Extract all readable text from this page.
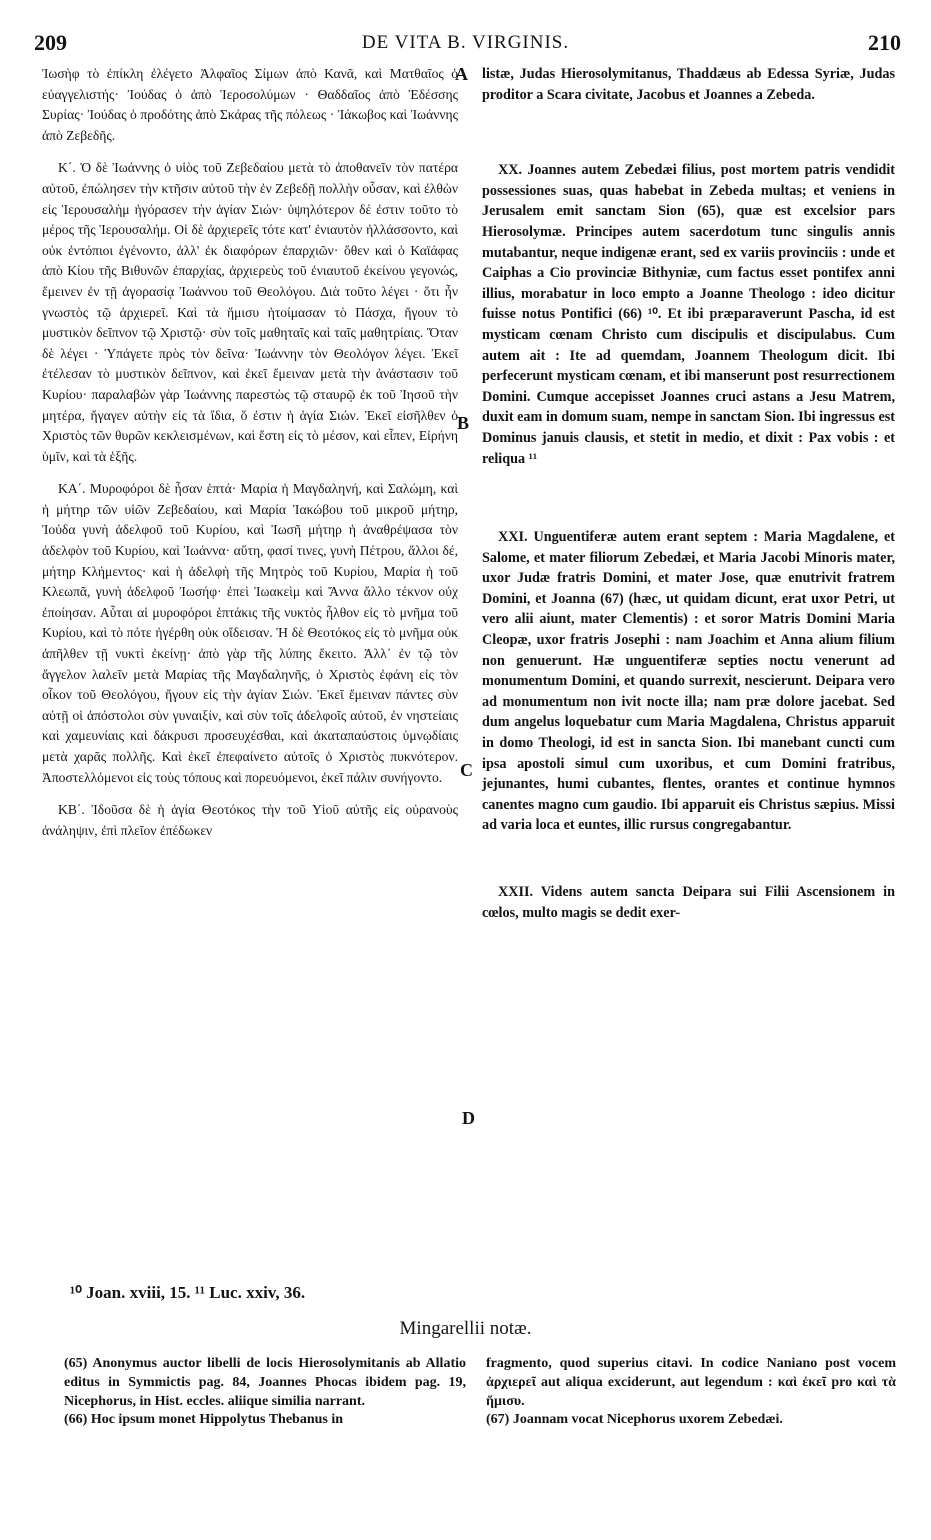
209	DE VITA B. VIRGINIS.	210

Ἰωσὴφ τὸ ἐπίκλη ἐλέγετο Ἀλφαῖος Σίμων ἀπὸ Κανᾶ, καὶ Ματθαῖος ὁ εὐαγγελιστής· Ἰούδας ὁ ἀπὸ Ἱεροσολύμων · Θαδδαῖος ἀπὸ Ἐδέσσης Συρίας· Ἰούδας ὁ προδότης ἀπὸ Σκάρας τῆς πόλεως · Ἰάκωβος καὶ Ἰωάννης ἀπὸ Ζεβεδῆς.

Κ΄. Ὁ δὲ Ἰωάννης ὁ υἱὸς τοῦ Ζεβεδαίου μετὰ τὸ ἀποθανεῖν τὸν πατέρα αὐτοῦ, ἐπώλησεν τὴν κτῆσιν αὐτοῦ τὴν ἐν Ζεβεδῇ πολλὴν οὖσαν, καὶ ἐλθὼν εἰς Ἱερουσαλὴμ ἠγόρασεν τὴν ἁγίαν Σιών· ὑψηλότερον δέ ἐστιν τοῦτο τὸ μέρος τῆς Ἱερουσαλήμ. Οἱ δὲ ἀρχιερεῖς τότε κατ' ἐνιαυτὸν ἠλλάσσοντο, καὶ οὐκ ἐντόπιοι ἐγένοντο, ἀλλ' ἐκ διαφόρων ἐπαρχιῶν· ὅθεν καὶ ὁ Καϊάφας ἀπὸ Κίου τῆς Βιθυνῶν ἐπαρχίας, ἀρχιερεὺς τοῦ ἐνιαυτοῦ ἐκείνου γεγονώς, ἔμεινεν ἐν τῇ ἀγορασίᾳ Ἰωάννου τοῦ Θεολόγου. Διὰ τοῦτο λέγει · ὅτι ἦν γνωστὸς τῷ ἀρχιερεῖ. Καὶ τὰ ἥμισυ ἡτοίμασαν τὸ Πάσχα, ἤγουν τὸ μυστικὸν δεῖπνον τῷ Χριστῷ· σὺν τοῖς μαθηταῖς καὶ ταῖς μαθητρίαις. Ὅταν δὲ λέγει · Ὑπάγετε πρὸς τὸν δεῖνα· Ἰωάννην τὸν Θεολόγον λέγει. Ἐκεῖ ἐτέλεσαν τὸ μυστικὸν δεῖπνον, καὶ ἐκεῖ ἔμειναν μετὰ τὴν ἀνάστασιν τοῦ Κυρίου· παραλαβὼν γὰρ Ἰωάννης παρεστὼς τῷ σταυρῷ ἐκ τοῦ Ἰησοῦ τὴν μητέρα, ἤγαγεν αὐτὴν εἰς τὰ ἴδια, ὅ ἐστιν ἡ ἁγία Σιών. Ἐκεῖ εἰσῆλθεν ὁ Χριστὸς τῶν θυρῶν κεκλεισμένων, καὶ ἔστη εἰς τὸ μέσον, καὶ εἶπεν, Εἰρήνη ὑμῖν, καὶ τὰ ἑξῆς.

ΚΑ΄. Μυροφόροι δὲ ἦσαν ἑπτά· Μαρία ἡ Μαγδαληνή, καὶ Σαλώμη, καὶ ἡ μήτηρ τῶν υἱῶν Ζεβεδαίου, καὶ Μαρία Ἰακώβου τοῦ μικροῦ μήτηρ, Ἰούδα γυνὴ ἀδελφοῦ τοῦ Κυρίου, καὶ Ἰωσῆ μήτηρ ἡ ἀναθρέψασα τὸν ἀδελφὸν τοῦ Κυρίου, καὶ Ἰωάννα· αὕτη, φασί τινες, γυνὴ Πέτρου, ἄλλοι δέ, μήτηρ Κλήμεντος· καὶ ἡ ἀδελφὴ τῆς Μητρὸς τοῦ Κυρίου, Μαρία ἡ τοῦ Κλεωπᾶ, γυνὴ ἀδελφοῦ Ἰωσήφ· ἐπεὶ Ἰωακεὶμ καὶ Ἄννα ἄλλο τέκνον οὐχ ἐποίησαν. Αὗται αἱ μυροφόροι ἑπτάκις τῆς νυκτὸς ἦλθον εἰς τὸ μνῆμα τοῦ Κυρίου, καὶ τὸ πότε ἠγέρθη οὐκ οἴδεισαν. Ἡ δὲ Θεοτόκος εἰς τὸ μνῆμα οὐκ ἀπῆλθεν τῇ νυκτὶ ἐκείνῃ· ἀπὸ γὰρ τῆς λύπης ἔκειτο. Ἀλλ᾽ ἐν τῷ τὸν ἄγγελον λαλεῖν μετὰ Μαρίας τῆς Μαγδαληνῆς, ὁ Χριστὸς ἐφάνη εἰς τὸν οἶκον τοῦ Θεολόγου, ἤγουν εἰς τὴν ἁγίαν Σιών. Ἐκεῖ ἔμειναν πάντες σὺν αὐτῇ οἱ ἀπόστολοι σὺν γυναιξίν, καὶ σὺν τοῖς ἀδελφοῖς αὐτοῦ, ἐν νηστείαις καὶ χαμευνίαις καὶ δάκρυσι προσευχέσθαι, καὶ ἀκαταπαύστοις ὑμνῳδίαις μετὰ χαρᾶς πολλῆς. Καὶ ἐκεῖ ἐπεφαίνετο αὐτοῖς ὁ Χριστὸς πυκνότερον. Ἀποστελλόμενοι εἰς τοὺς τόπους καὶ πορευόμενοι, ἐκεῖ πάλιν συνήγοντο.

ΚΒ΄. Ἰδοῦσα δὲ ἡ ἁγία Θεοτόκος τὴν τοῦ Υἱοῦ αὐτῆς εἰς οὐρανοὺς ἀνάληψιν, ἐπὶ πλεῖον ἐπέδωκεν

A
B
C
D

listæ, Judas Hierosolymitanus, Thaddæus ab Edessa Syriæ, Judas proditor a Scara civitate, Jacobus et Joannes a Zebeda.

XX. Joannes autem Zebedæi filius, post mortem patris vendidit possessiones suas, quas habebat in Zebeda multas; et veniens in Jerusalem emit sanctam Sion (65), quæ est excelsior pars Hierosolymæ. Principes autem sacerdotum tunc singulis annis mutabantur, neque indigenæ erant, sed ex variis provinciis : unde et Caiphas a Cio provinciæ Bithyniæ, cum factus esset pontifex anni illius, morabatur in loco empto a Joanne Theologo : ideo dicitur fuisse notus Pontifici (66) ¹⁰. Et ibi præparaverunt Pascha, id est mysticam cœnam Christo cum discipulis et discipulabus. Cum autem ait : Ite ad quemdam, Joannem Theologum dicit. Ibi perfecerunt mysticam cœnam, et ibi manserunt post resurrectionem Domini. Cumque accepisset Joannes cruci astans a Jesu Matrem, duxit eam in domum suam, nempe in sanctam Sion. Ibi ingressus est Dominus januis clausis, et stetit in medio, et dixit : Pax vobis : et reliqua ¹¹

XXI. Unguentiferæ autem erant septem : Maria Magdalene, et Salome, et mater filiorum Zebedæi, et Maria Jacobi Minoris mater, uxor Judæ fratris Domini, et mater Jose, quæ enutrivit fratrem Domini, et Joanna (67) (hæc, ut quidam dicunt, erat uxor Petri, ut vero alii aiunt, mater Clementis) : et soror Matris Domini Maria Cleopæ, uxor fratris Josephi : nam Joachim et Anna alium filium non genuerunt. Hæ unguentiferæ septies noctu venerunt ad monumentum Domini, et quando surrexit, nescierunt. Deipara vero ad monumentum non ivit nocte illa; nam præ dolore jacebat. Sed dum angelus loquebatur cum Maria Magdalena, Christus apparuit in domo Theologi, id est in sancta Sion. Ibi manebant cuncti cum ipsa apostoli simul cum uxoribus, et cum Domini fratribus, jejunantes, humi cubantes, flentes, orantes et continue hymnos canentes magno cum gaudio. Ibi apparuit eis Christus sæpius. Missi ad varia loca et euntes, illic rursus congregabantur.

XXII. Videns autem sancta Deipara sui Filii Ascensionem in cœlos, multo magis se dedit exer-

¹⁰ Joan. xviii, 15. ¹¹ Luc. xxiv, 36.
Mingarellii notæ.

(65) Anonymus auctor libelli de locis Hierosolymitanis ab Allatio editus in Symmictis pag. 84, Joannes Phocas ibidem pag. 19, Nicephorus, in Hist. eccles. aliique similia narrant.

(66) Hoc ipsum monet Hippolytus Thebanus in

fragmento, quod superius citavi. In codice Naniano post vocem ἀρχιερεῖ aut aliqua exciderunt, aut legendum : καὶ ἐκεῖ pro καὶ τὰ ἥμισυ.

(67) Joannam vocat Nicephorus uxorem Zebedæi.
